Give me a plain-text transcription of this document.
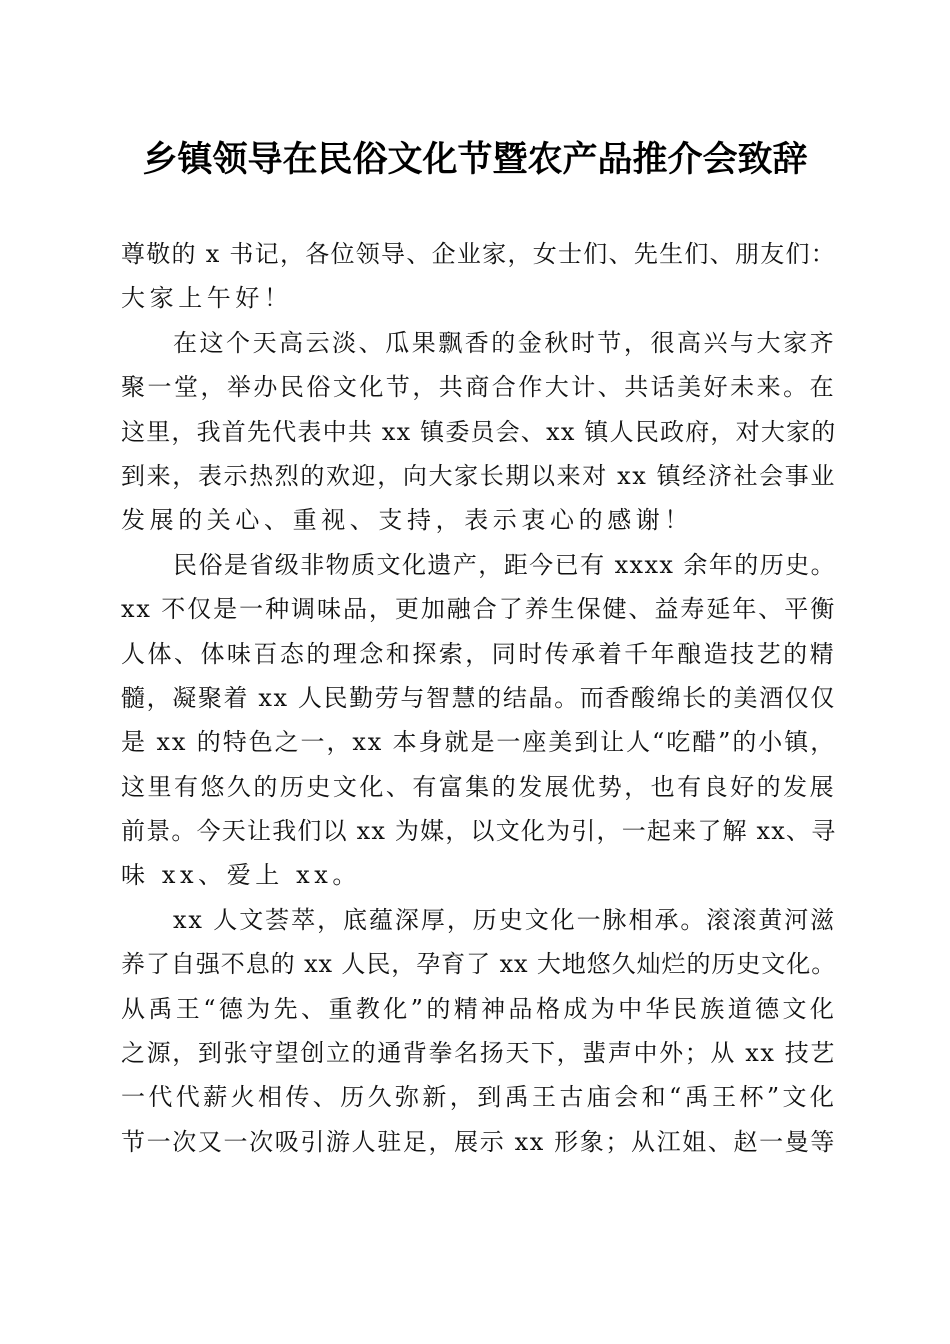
乡镇领导在民俗文化节暨农产品推介会致辞
尊敬的 x 书记，各位领导、企业家，女士们、先生们、朋友们：
大家上午好！
在这个天高云淡、瓜果飘香的金秋时节，很高兴与大家齐
聚一堂，举办民俗文化节，共商合作大计、共话美好未来。在
这里，我首先代表中共 xx 镇委员会、xx 镇人民政府，对大家的
到来，表示热烈的欢迎，向大家长期以来对 xx 镇经济社会事业
发展的关心、重视、支持，表示衷心的感谢！
民俗是省级非物质文化遗产，距今已有 xxxx 余年的历史。
xx 不仅是一种调味品，更加融合了养生保健、益寿延年、平衡
人体、体味百态的理念和探索，同时传承着千年酿造技艺的精
髓，凝聚着 xx 人民勤劳与智慧的结晶。而香酸绵长的美酒仅仅
是 xx 的特色之一，xx 本身就是一座美到让人“吃醋”的小镇，
这里有悠久的历史文化、有富集的发展优势，也有良好的发展
前景。今天让我们以 xx 为媒，以文化为引，一起来了解 xx、寻
味 xx、爱上 xx。
xx 人文荟萃，底蕴深厚，历史文化一脉相承。滚滚黄河滋
养了自强不息的 xx 人民，孕育了 xx 大地悠久灿烂的历史文化。
从禹王“德为先、重教化”的精神品格成为中华民族道德文化
之源，到张守望创立的通背拳名扬天下，蜚声中外；从 xx 技艺
一代代薪火相传、历久弥新，到禹王古庙会和“禹王杯”文化
节一次又一次吸引游人驻足，展示 xx 形象；从江姐、赵一曼等
